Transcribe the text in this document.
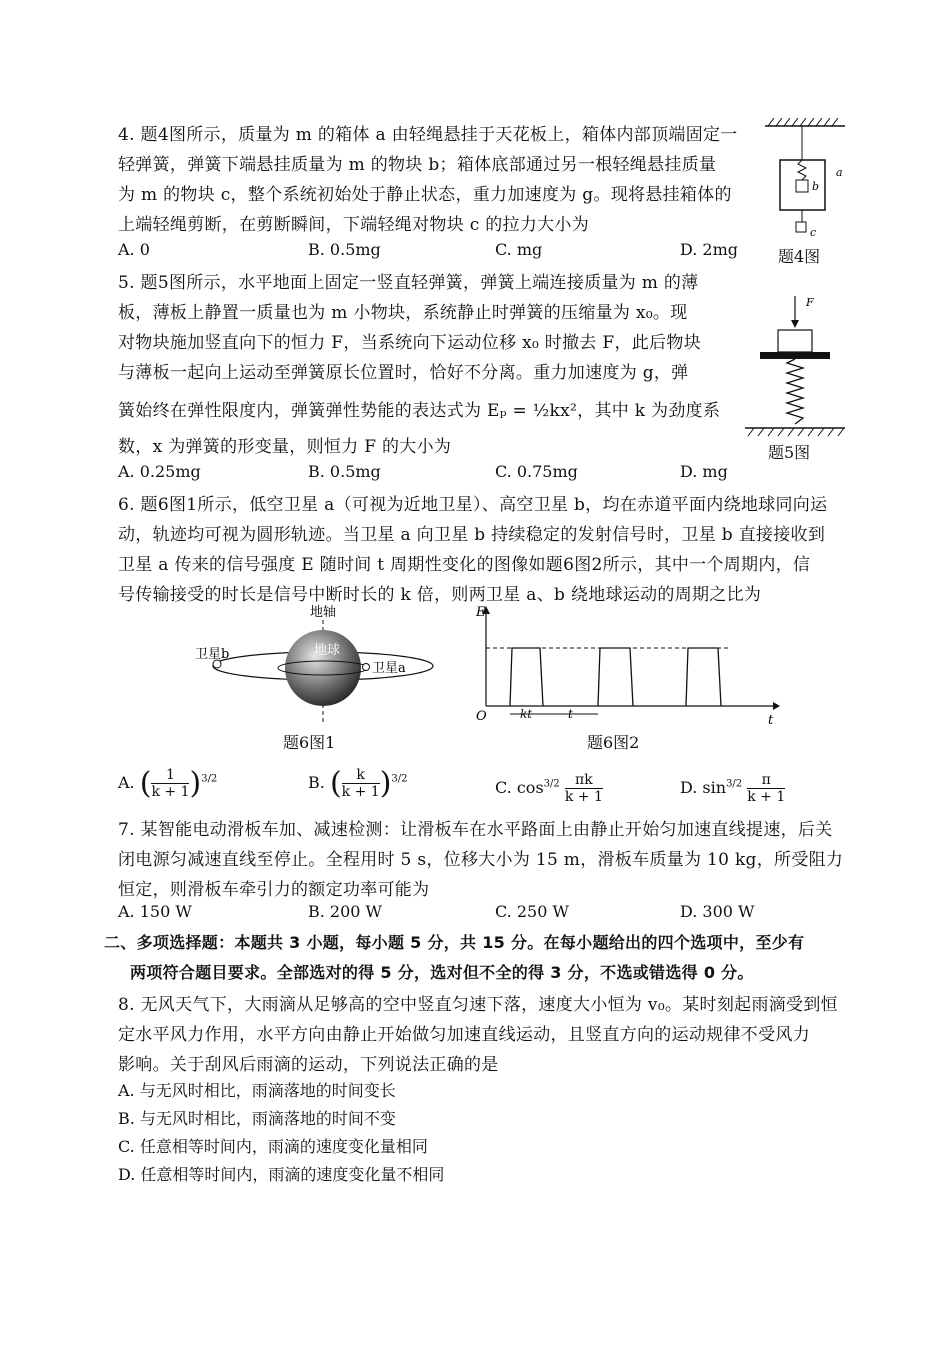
4. 题4图所示，质量为 m 的箱体 a 由轻绳悬挂于天花板上，箱体内部顶端固定一
轻弹簧，弹簧下端悬挂质量为 m 的物块 b；箱体底部通过另一根轻绳悬挂质量
为 m 的物块 c，整个系统初始处于静止状态，重力加速度为 g。现将悬挂箱体的
上端轻绳剪断，在剪断瞬间，下端轻绳对物块 c 的拉力大小为
A. 0	B. 0.5mg	C. mg	D. 2mg
b
a
c
题4图
5. 题5图所示，水平地面上固定一竖直轻弹簧，弹簧上端连接质量为 m 的薄
板，薄板上静置一质量也为 m 小物块，系统静止时弹簧的压缩量为 x₀。现
对物块施加竖直向下的恒力 F，当系统向下运动位移 x₀ 时撤去 F，此后物块
与薄板一起向上运动至弹簧原长位置时，恰好不分离。重力加速度为 g，弹
簧始终在弹性限度内，弹簧弹性势能的表达式为 Eₚ = ½kx²，其中 k 为劲度系
数，x 为弹簧的形变量，则恒力 F 的大小为
A. 0.25mg	B. 0.5mg	C. 0.75mg	D. mg
F
题5图
6. 题6图1所示，低空卫星 a（可视为近地卫星）、高空卫星 b，均在赤道平面内绕地球同向运
动，轨迹均可视为圆形轨迹。当卫星 a 向卫星 b 持续稳定的发射信号时，卫星 b 直接接收到
卫星 a 传来的信号强度 E 随时间 t 周期性变化的图像如题6图2所示，其中一个周期内，信
号传输接受的时长是信号中断时长的 k 倍，则两卫星 a、b 绕地球运动的周期之比为
地轴
地球
卫星b
卫星a
题6图1
E
O	t
kt	t
题6图2
A. ( $\frac{1}{k + 1} )^{3/2}$	B. ( $\frac{k}{k + 1} )^{3/2}$	C. $\cos^{3/2} \frac{\pi k}{k + 1}$	D. $\sin^{3/2} \frac{\pi}{k + 1}$
7. 某智能电动滑板车加、减速检测：让滑板车在水平路面上由静止开始匀加速直线提速，后关
闭电源匀减速直线至停止。全程用时 5 s，位移大小为 15 m，滑板车质量为 10 kg，所受阻力
恒定，则滑板车牵引力的额定功率可能为
A. 150 W	B. 200 W	C. 250 W	D. 300 W
二、多项选择题：本题共 3 小题，每小题 5 分，共 15 分。在每小题给出的四个选项中，至少有
两项符合题目要求。全部选对的得 5 分，选对但不全的得 3 分，不选或错选得 0 分。
8. 无风天气下，大雨滴从足够高的空中竖直匀速下落，速度大小恒为 v₀。某时刻起雨滴受到恒
定水平风力作用，水平方向由静止开始做匀加速直线运动，且竖直方向的运动规律不受风力
影响。关于刮风后雨滴的运动，下列说法正确的是
A. 与无风时相比，雨滴落地的时间变长
B. 与无风时相比，雨滴落地的时间不变
C. 任意相等时间内，雨滴的速度变化量相同
D. 任意相等时间内，雨滴的速度变化量不相同
